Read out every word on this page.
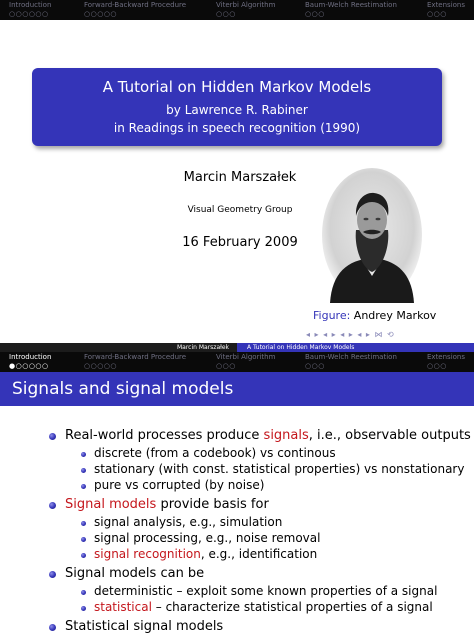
Introduction
○○○○○○
Forward-Backward Procedure
○○○○○
Viterbi Algorithm
○○○
Baum-Welch Reestimation
○○○
Extensions
○○○
A Tutorial on Hidden Markov Models
by Lawrence R. Rabiner
in Readings in speech recognition (1990)
Marcin Marszałek
Visual Geometry Group
16 February 2009
Figure: Andrey Markov
◂ ▸ ◂ ▸ ◂ ▸ ◂ ▸ ⋈ ⟲
Marcin Marszałek	A Tutorial on Hidden Markov Models
Introduction
●○○○○○
Forward-Backward Procedure
○○○○○
Viterbi Algorithm
○○○
Baum-Welch Reestimation
○○○
Extensions
○○○
Signals and signal models
Real-world processes produce signals, i.e., observable outputs
discrete (from a codebook) vs continous
stationary (with const. statistical properties) vs nonstationary
pure vs corrupted (by noise)
Signal models provide basis for
signal analysis, e.g., simulation
signal processing, e.g., noise removal
signal recognition, e.g., identification
Signal models can be
deterministic – exploit some known properties of a signal
statistical – characterize statistical properties of a signal
Statistical signal models
